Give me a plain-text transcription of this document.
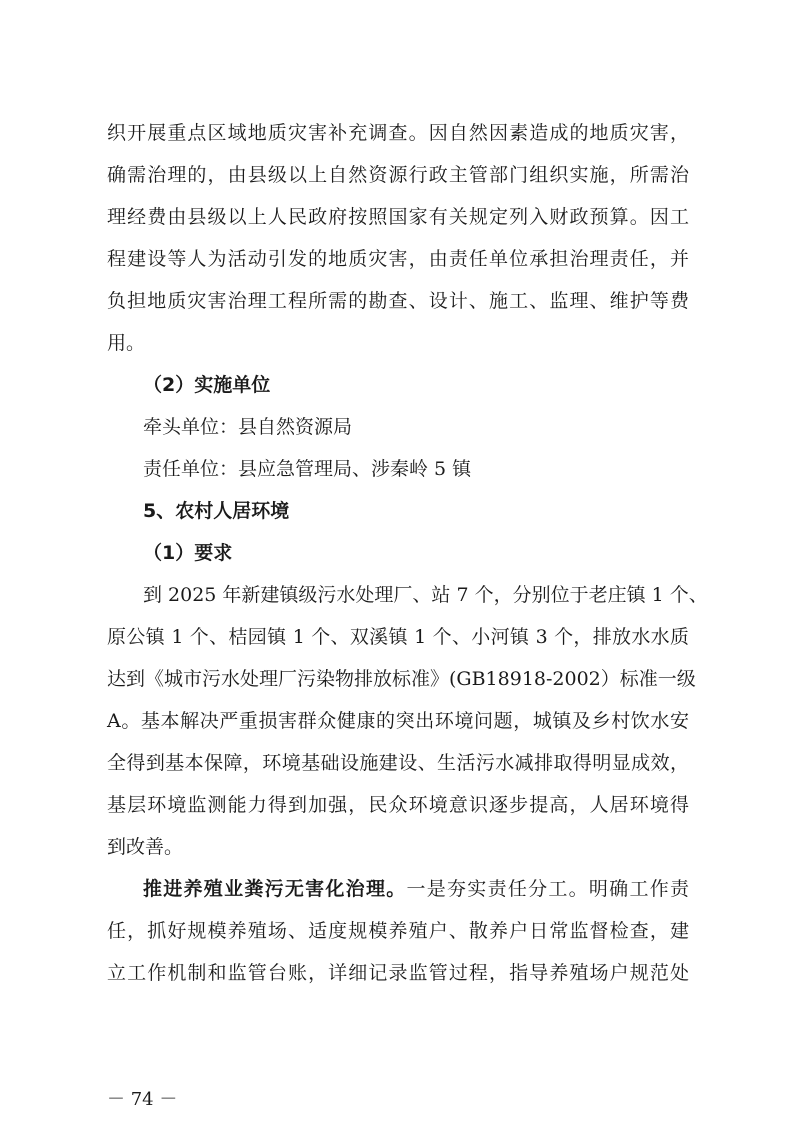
织开展重点区域地质灾害补充调查。因自然因素造成的地质灾害，
确需治理的，由县级以上自然资源行政主管部门组织实施，所需治
理经费由县级以上人民政府按照国家有关规定列入财政预算。因工
程建设等人为活动引发的地质灾害，由责任单位承担治理责任，并
负担地质灾害治理工程所需的勘查、设计、施工、监理、维护等费
用。
（2）实施单位
牵头单位：县自然资源局
责任单位：县应急管理局、涉秦岭 5 镇
5、农村人居环境
（1）要求
到 2025 年新建镇级污水处理厂、站 7 个，分别位于老庄镇 1 个、
原公镇 1 个、桔园镇 1 个、双溪镇 1 个、小河镇 3 个，排放水水质
达到《城市污水处理厂污染物排放标准》(GB18918-2002）标准一级
A。基本解决严重损害群众健康的突出环境问题，城镇及乡村饮水安
全得到基本保障，环境基础设施建设、生活污水减排取得明显成效，
基层环境监测能力得到加强，民众环境意识逐步提高，人居环境得
到改善。
推进养殖业粪污无害化治理。一是夯实责任分工。明确工作责
任，抓好规模养殖场、适度规模养殖户、散养户日常监督检查，建
立工作机制和监管台账，详细记录监管过程，指导养殖场户规范处
－ 74 －
